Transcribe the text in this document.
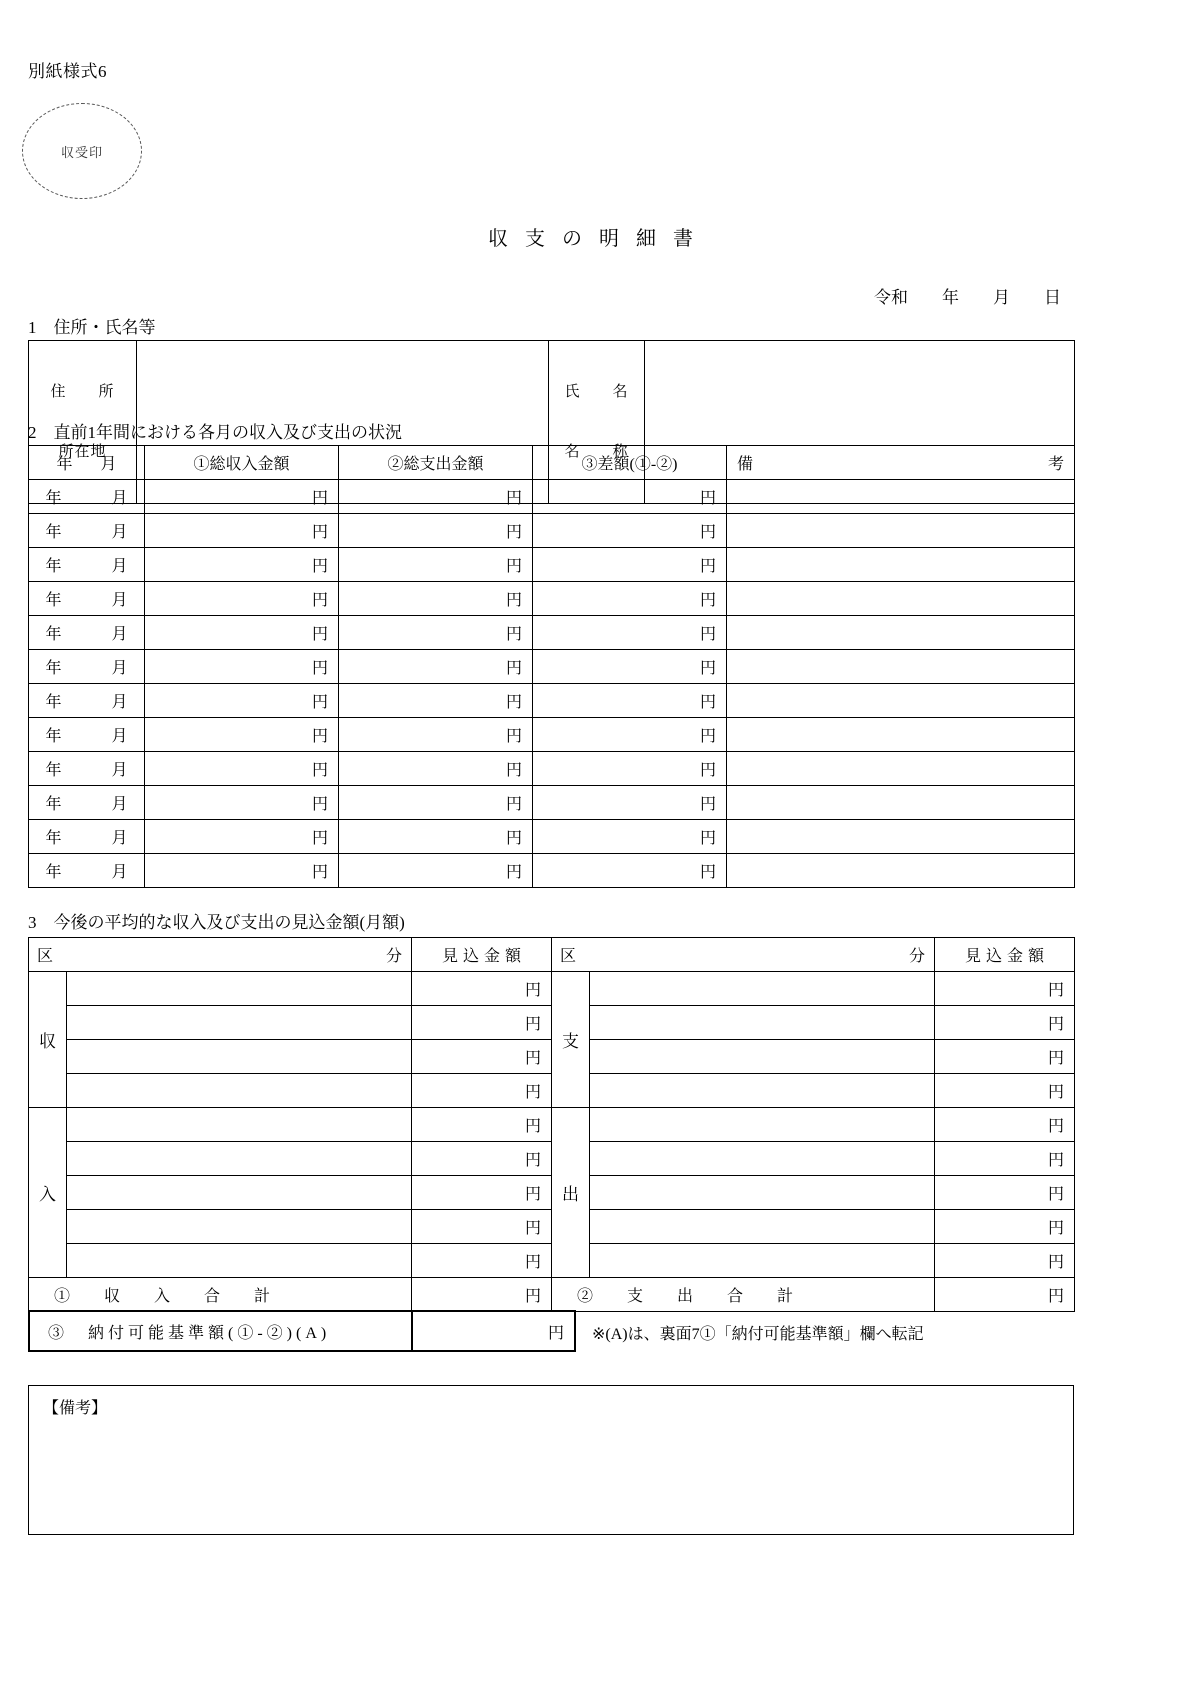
別紙様式6
収受印
収支の明細書
令和　　年　　月　　日
1　住所・氏名等

住　　所

所在地

氏　　名

名　　称

2　直前1年間における各月の収入及び支出の状況
年　月	①総収入金額	②総支出金額	③差額(①-②)	備 考

年　　月	円	円	円	
年　　月	円	円	円	
年　　月	円	円	円	
年　　月	円	円	円	
年　　月	円	円	円	
年　　月	円	円	円	
年　　月	円	円	円	
年　　月	円	円	円	
年　　月	円	円	円	
年　　月	円	円	円	
年　　月	円	円	円	
年　　月	円	円	円	
3　今後の平均的な収入及び支出の見込金額(月額)
区 分		見込金額	区 分		見込金額
収		円	支		円
		円			円
		円			円
		円			円
入		円	出		円
		円			円
		円			円
		円			円
		円			円
①　収　入　合　計		円	②　支　出　合　計		円
③　納付可能基準額(①-②)(A)	円 ※(A)は、裏面7①「納付可能基準額」欄へ転記
【備考】
